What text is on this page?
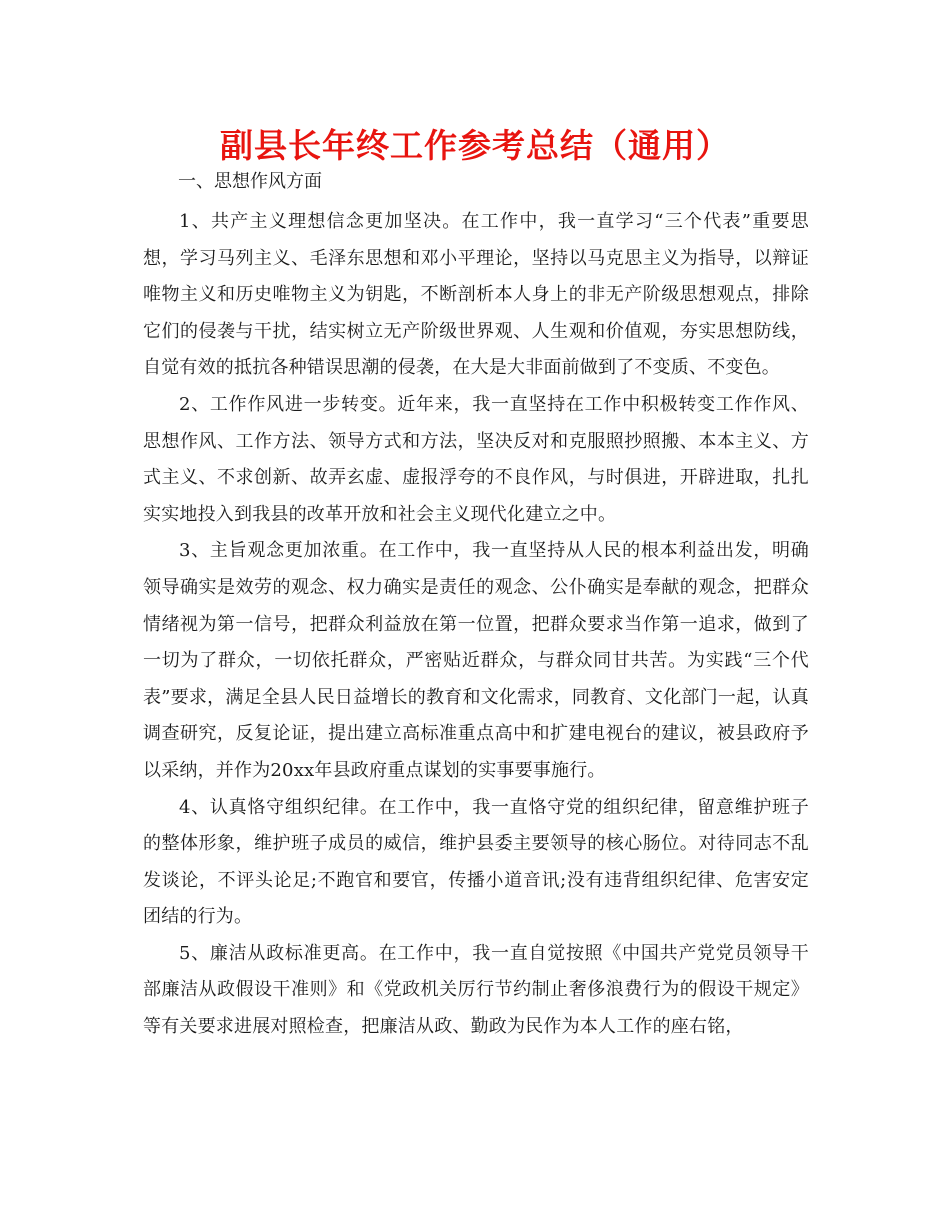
副县长年终工作参考总结（通用）

一、思想作风方面

1、共产主义理想信念更加坚决。在工作中，我一直学习“三个代表”重要思想，学习马列主义、毛泽东思想和邓小平理论，坚持以马克思主义为指导，以辩证唯物主义和历史唯物主义为钥匙，不断剖析本人身上的非无产阶级思想观点，排除它们的侵袭与干扰，结实树立无产阶级世界观、人生观和价值观，夯实思想防线，自觉有效的抵抗各种错误思潮的侵袭，在大是大非面前做到了不变质、不变色。

2、工作作风进一步转变。近年来，我一直坚持在工作中积极转变工作作风、思想作风、工作方法、领导方式和方法，坚决反对和克服照抄照搬、本本主义、方式主义、不求创新、故弄玄虚、虚报浮夸的不良作风，与时俱进，开辟进取，扎扎实实地投入到我县的改革开放和社会主义现代化建立之中。

3、主旨观念更加浓重。在工作中，我一直坚持从人民的根本利益出发，明确领导确实是效劳的观念、权力确实是责任的观念、公仆确实是奉献的观念，把群众情绪视为第一信号，把群众利益放在第一位置，把群众要求当作第一追求，做到了一切为了群众，一切依托群众，严密贴近群众，与群众同甘共苦。为实践“三个代表”要求，满足全县人民日益增长的教育和文化需求，同教育、文化部门一起，认真调查研究，反复论证，提出建立高标准重点高中和扩建电视台的建议，被县政府予以采纳，并作为20xx年县政府重点谋划的实事要事施行。

4、认真恪守组织纪律。在工作中，我一直恪守党的组织纪律，留意维护班子的整体形象，维护班子成员的威信，维护县委主要领导的核心肠位。对待同志不乱发谈论，不评头论足;不跑官和要官，传播小道音讯;没有违背组织纪律、危害安定团结的行为。

5、廉洁从政标准更高。在工作中，我一直自觉按照《中国共产党党员领导干部廉洁从政假设干准则》和《党政机关厉行节约制止奢侈浪费行为的假设干规定》等有关要求进展对照检查，把廉洁从政、勤政为民作为本人工作的座右铭，
